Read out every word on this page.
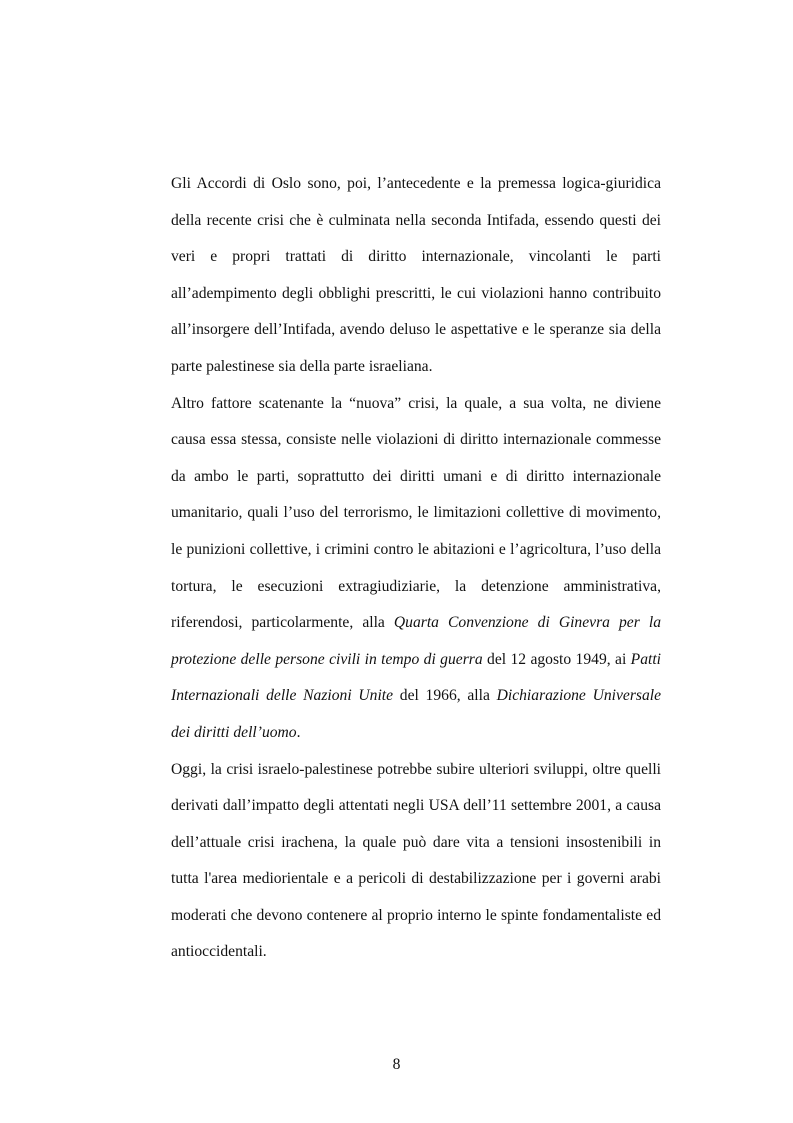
Gli Accordi di Oslo sono, poi, l’antecedente e la premessa logica-giuridica della recente crisi che è culminata nella seconda Intifada, essendo questi dei veri e propri trattati di diritto internazionale, vincolanti le parti all’adempimento degli obblighi prescritti, le cui violazioni hanno contribuito all’insorgere dell’Intifada, avendo deluso le aspettative e le speranze sia della parte palestinese sia della parte israeliana.

Altro fattore scatenante la “nuova” crisi, la quale, a sua volta, ne diviene causa essa stessa, consiste nelle violazioni di diritto internazionale commesse da ambo le parti, soprattutto dei diritti umani e di diritto internazionale umanitario, quali l’uso del terrorismo, le limitazioni collettive di movimento, le punizioni collettive, i crimini contro le abitazioni e l’agricoltura, l’uso della tortura, le esecuzioni extragiudiziarie, la detenzione amministrativa, riferendosi, particolarmente, alla Quarta Convenzione di Ginevra per la protezione delle persone civili in tempo di guerra del 12 agosto 1949, ai Patti Internazionali delle Nazioni Unite del 1966, alla Dichiarazione Universale dei diritti dell’uomo.

Oggi, la crisi israelo-palestinese potrebbe subire ulteriori sviluppi, oltre quelli derivati dall’impatto degli attentati negli USA dell’11 settembre 2001, a causa dell’attuale crisi irachena, la quale può dare vita a tensioni insostenibili in tutta l'area mediorientale e a pericoli di destabilizzazione per i governi arabi moderati che devono contenere al proprio interno le spinte fondamentaliste ed antioccidentali.

8
